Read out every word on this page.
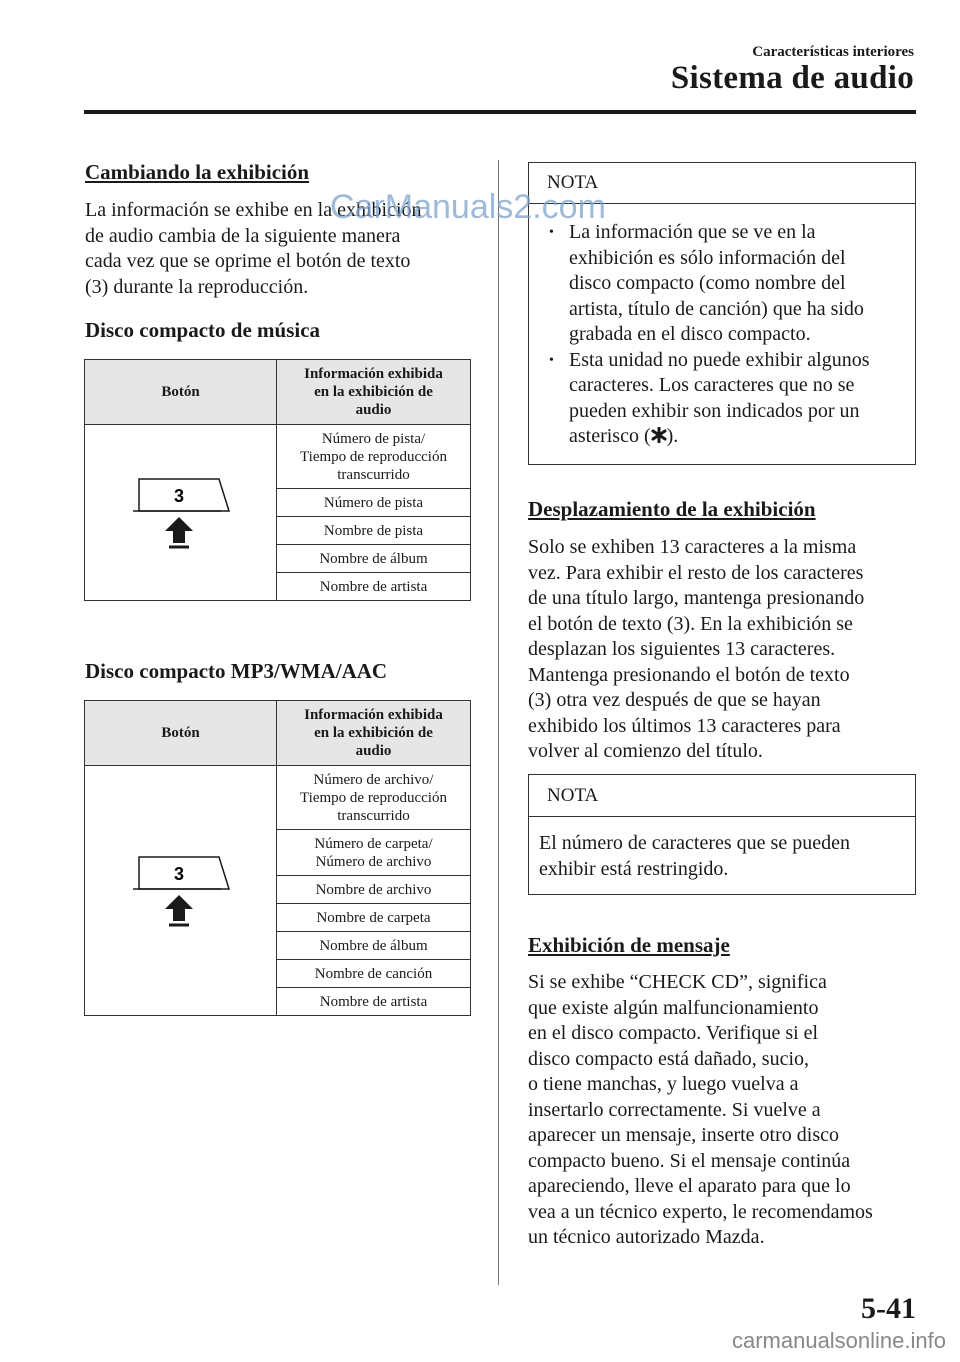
Características interiores
Sistema de audio
Cambiando la exhibición
La información se exhibe en la exhibición
de audio cambia de la siguiente manera
cada vez que se oprime el botón de texto
(3) durante la reproducción.
Disco compacto de música
Botón	Información exhibida
en la exhibición de
audio

3	Número de pista/
Tiempo de reproducción
transcurrido

	Número de pista
	Nombre de pista
	Nombre de álbum
	Nombre de artista
Disco compacto MP3/WMA/AAC
Botón	Información exhibida
en la exhibición de
audio

3	Número de archivo/
Tiempo de reproducción
transcurrido

	Número de carpeta/
Número de archivo

	Nombre de archivo
	Nombre de carpeta
	Nombre de álbum
	Nombre de canción
	Nombre de artista
NOTA
• La información que se ve en la
exhibición es sólo información del
disco compacto (como nombre del
artista, título de canción) que ha sido
grabada en el disco compacto.
• Esta unidad no puede exhibir algunos
caracteres. Los caracteres que no se
pueden exhibir son indicados por un
asterisco ( ).
Desplazamiento de la exhibición
Solo se exhiben 13 caracteres a la misma
vez. Para exhibir el resto de los caracteres
de una título largo, mantenga presionando
el botón de texto (3). En la exhibición se
desplazan los siguientes 13 caracteres.
Mantenga presionando el botón de texto
(3) otra vez después de que se hayan
exhibido los últimos 13 caracteres para
volver al comienzo del título.
NOTA
El número de caracteres que se pueden
exhibir está restringido.
Exhibición de mensaje
Si se exhibe “CHECK CD”, significa
que existe algún malfuncionamiento
en el disco compacto. Verifique si el
disco compacto está dañado, sucio,
o tiene manchas, y luego vuelva a
insertarlo correctamente. Si vuelve a
aparecer un mensaje, inserte otro disco
compacto bueno. Si el mensaje continúa
apareciendo, lleve el aparato para que lo
vea a un técnico experto, le recomendamos
un técnico autorizado Mazda.
CarManuals2.com
5-41
carmanualsonline.info
